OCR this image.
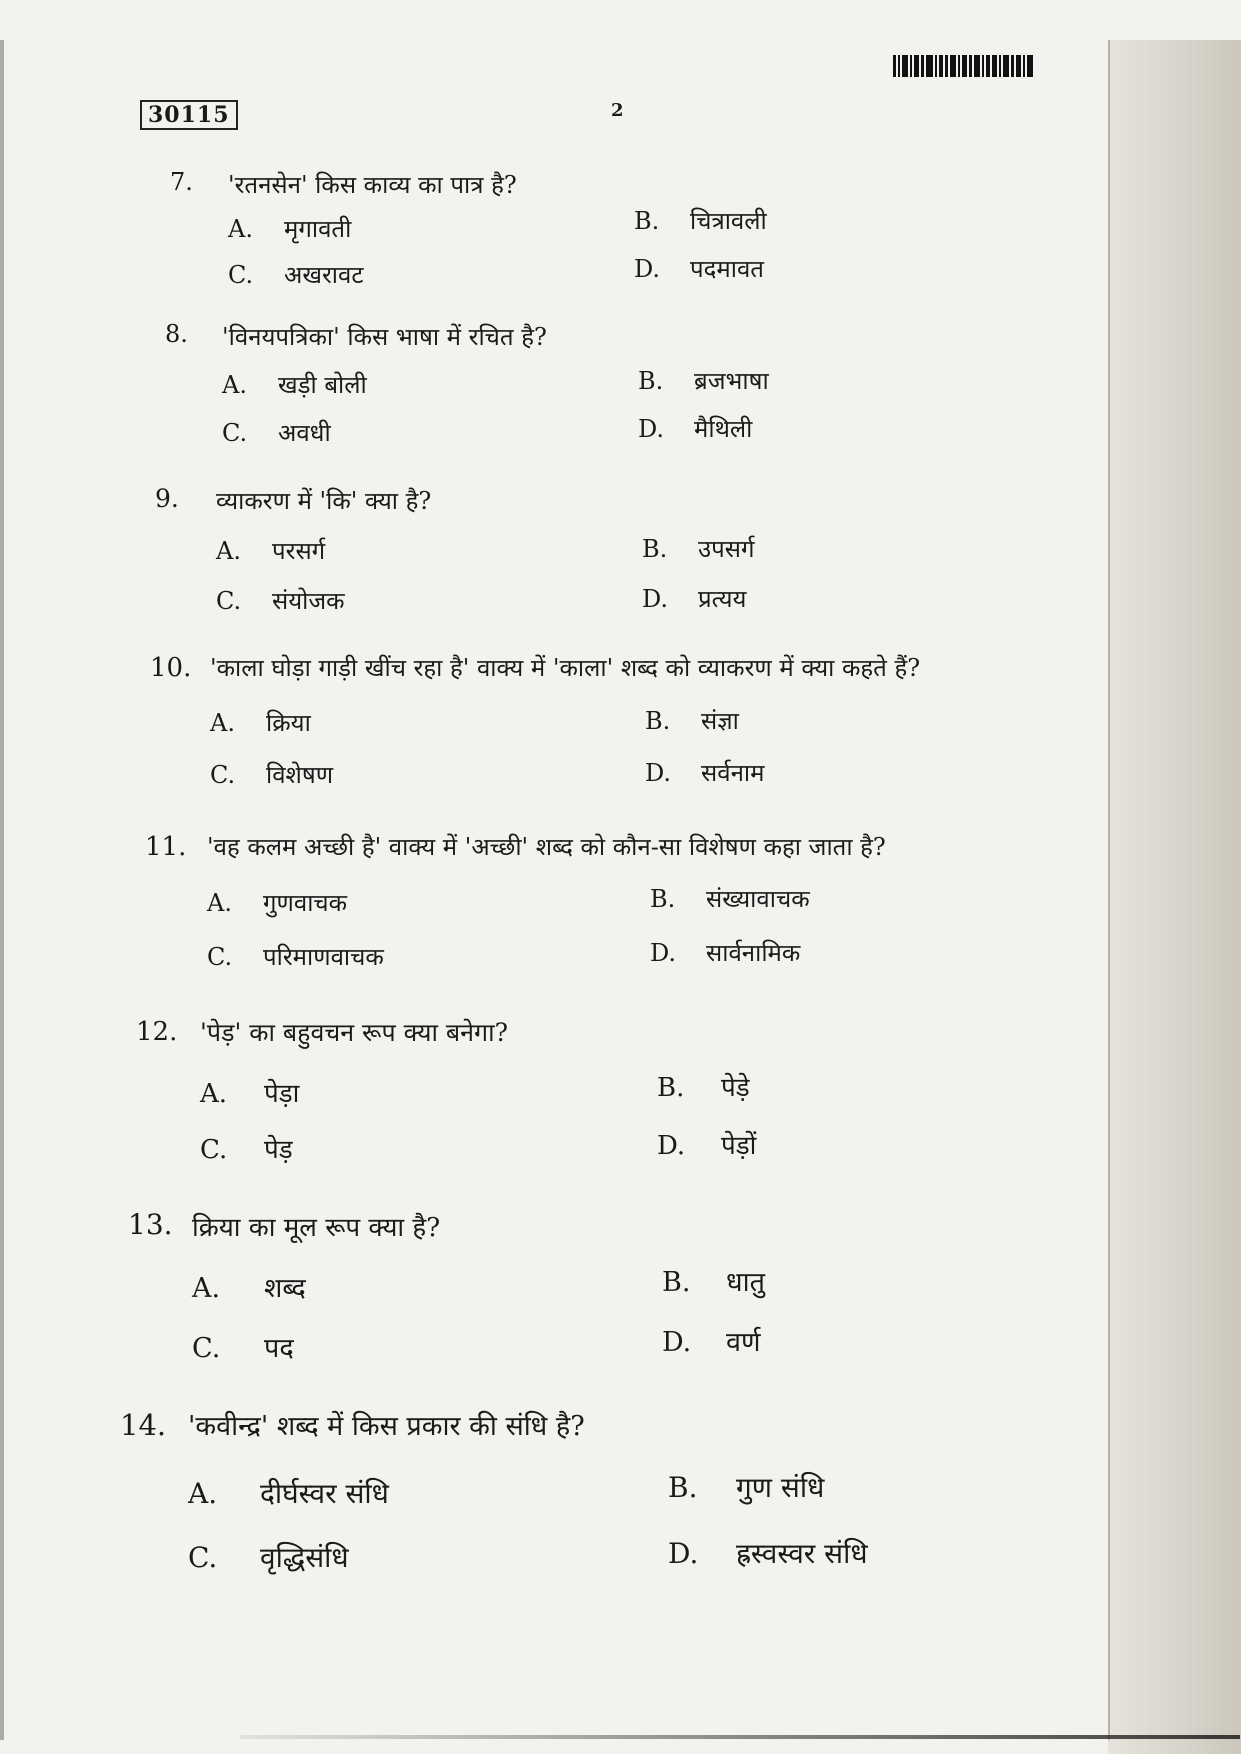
30115	2
7. 'रतनसेन' किस काव्य का पात्र है?
A. मृगावती	B. चित्रावली
C. अखरावट	D. पदमावत
8. 'विनयपत्रिका' किस भाषा में रचित है?
A. खड़ी बोली	B. ब्रजभाषा
C. अवधी	D. मैथिली
9. व्याकरण में 'कि' क्या है?
A. परसर्ग	B. उपसर्ग
C. संयोजक	D. प्रत्यय
10. 'काला घोड़ा गाड़ी खींच रहा है' वाक्य में 'काला' शब्द को व्याकरण में क्या कहते हैं?
A. क्रिया	B. संज्ञा
C. विशेषण	D. सर्वनाम
11. 'वह कलम अच्छी है' वाक्य में 'अच्छी' शब्द को कौन-सा विशेषण कहा जाता है?
A. गुणवाचक	B. संख्यावाचक
C. परिमाणवाचक	D. सार्वनामिक
12. 'पेड़' का बहुवचन रूप क्या बनेगा?
A. पेड़ा	B. पेड़े
C. पेड़	D. पेड़ों
13. क्रिया का मूल रूप क्या है?
A. शब्द	B. धातु
C. पद	D. वर्ण
14. 'कवीन्द्र' शब्द में किस प्रकार की संधि है?
A. दीर्घस्वर संधि	B. गुण संधि
C. वृद्धिसंधि	D. ह्रस्वस्वर संधि
